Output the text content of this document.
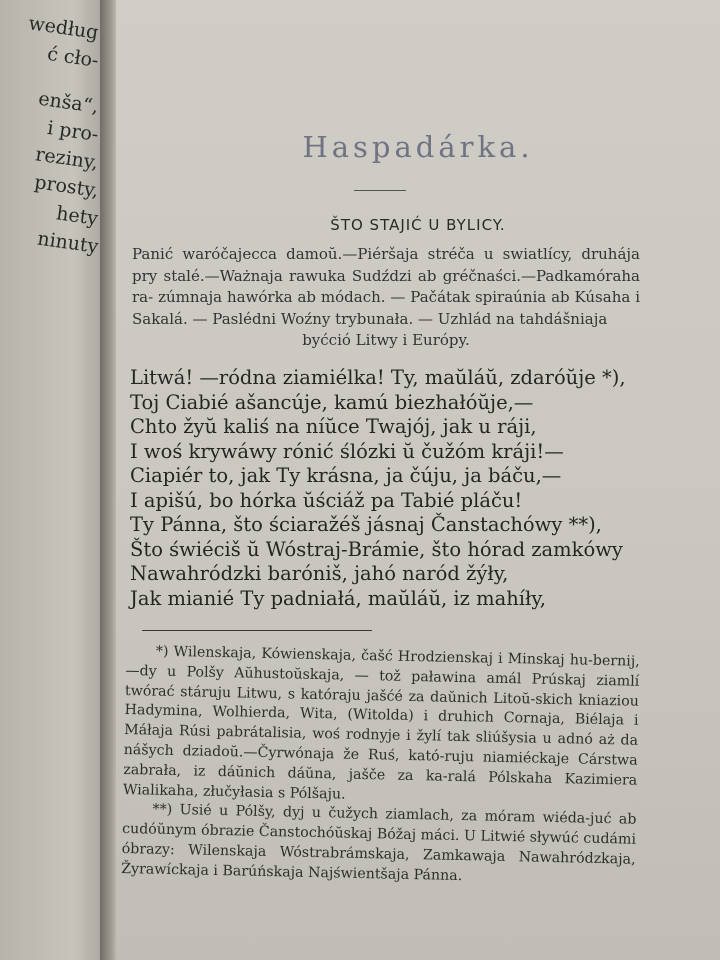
według
ć cło-
enša“,
i pro-
reziny,
prosty,
hety
ninuty
Haspadárka.
ŠTO STAJIĆ U BYLICY.
Panić waróčajecca damoŭ.—Piéršaja stréča u swiatlícy, druhája pry stalé.—Ważnaja rawuka Sudździ ab gréčnaści.—Padkamóraha ra- zúmnaja hawórka ab módach. — Pačátak spiraúnia ab Kúsaha i Sakalá. — Paslédni Woźny trybunała. — Uzhlád na tahdášniaja
byćció Litwy i Európy.
Litwá! —ródna ziamiélka! Ty, maŭláŭ, zdaróŭje *),
Toj Ciabié ašancúje, kamú biezhałóŭje,—
Chto žyŭ kaliś na níŭce Twajój, jak u ráji,
I woś krywáwy rónić ślózki ŭ čužóm kráji!—
Ciapiér to, jak Ty krásna, ja čúju, ja báču,—
I apišú, bo hórka ŭściáž pa Tabié pláču!
Ty Pánna, što ściaražéš jásnaj Čanstachówy **),
Što świéciš ŭ Wóstraj-Brámie, što hórad zamkówy
Nawahródzki baróniš, jahó naród žýły,
Jak mianié Ty padniałá, maŭláŭ, iz mahíły,

*) Wilenskaja, Kówienskaja, čašć Hrodzienskaj i Minskaj hu-bernij,—dy u Polšy Aŭhustoŭskaja, — tož paławina amál Prúskaj ziamlí twórać stáruju Litwu, s katóraju jašćé za daŭnich Litoŭ-skich kniaziou Hadymina, Wolhierda, Wita, (Witolda) i druhich Cornaja, Biélaja i Máłaja Rúsi pabrátalisia, woś rodnyje i žylí tak sliúšysia u adnó aż da nášych dziadoŭ.—Čyrwónaja že Ruś, kató-ruju niamiéckaje Cárstwa zabrała, iz dáŭnich dáŭna, jašče za ka-ralá Pólskaha Kazimiera Wialikaha, złučyłasia s Pólšaju.

**) Usié u Pólšy, dyj u čužych ziamlach, za móram wiéda-juć ab cudóŭnym óbrazie Čanstochóŭskaj Bóžaj máci. U Litwié sływúć cudámi óbrazy: Wilenskaja Wóstrabrámskaja, Zamkawaja Nawahródzkaja, Žyrawíckaja i Barúńskaja Najświentšaja Pánna.
